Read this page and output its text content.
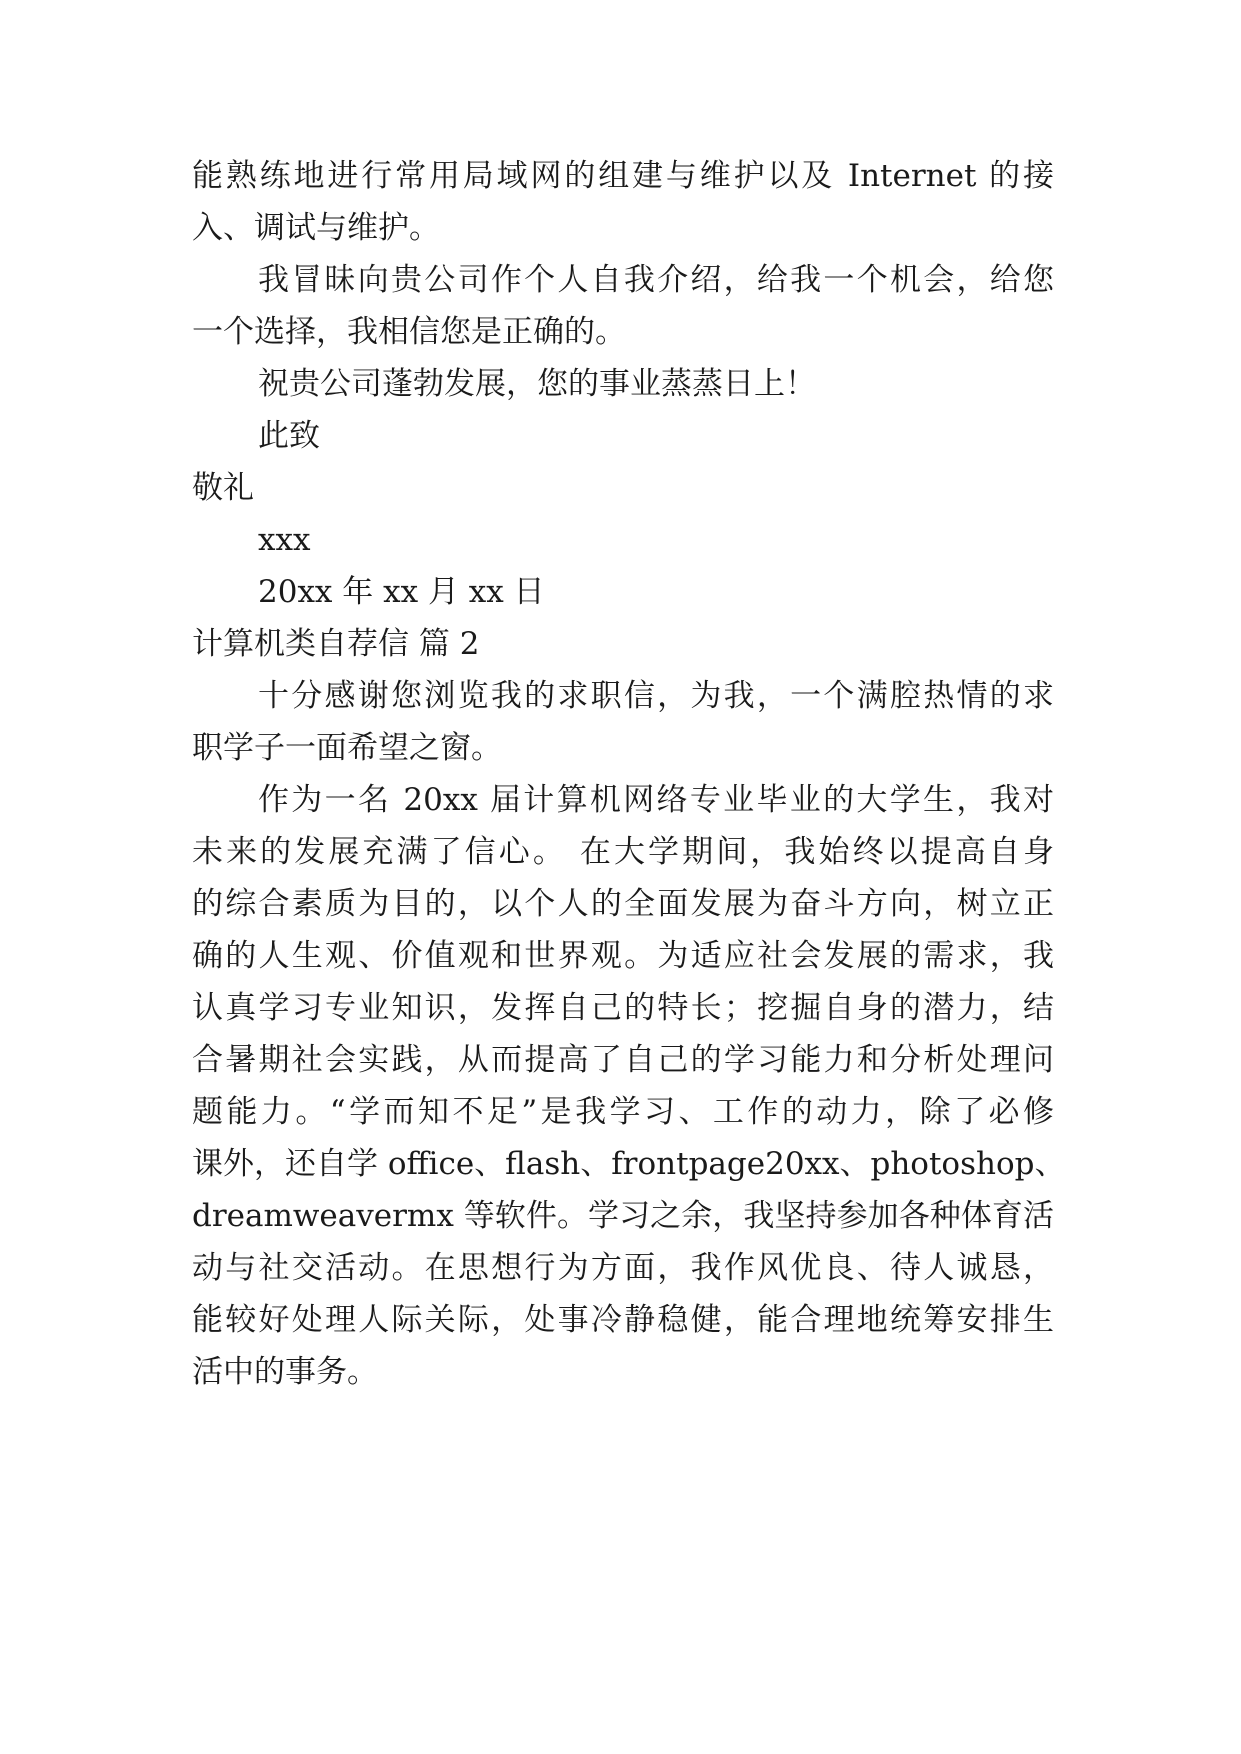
能熟练地进行常用局域网的组建与维护以及 Internet 的接
入、调试与维护。
我冒昧向贵公司作个人自我介绍，给我一个机会，给您
一个选择，我相信您是正确的。
祝贵公司蓬勃发展，您的事业蒸蒸日上！
此致
敬礼
xxx
20xx 年 xx 月 xx 日
计算机类自荐信 篇 2
十分感谢您浏览我的求职信，为我，一个满腔热情的求
职学子一面希望之窗。
作为一名 20xx 届计算机网络专业毕业的大学生，我对
未来的发展充满了信心。 在大学期间，我始终以提高自身
的综合素质为目的，以个人的全面发展为奋斗方向，树立正
确的人生观、价值观和世界观。为适应社会发展的需求，我
认真学习专业知识，发挥自己的特长；挖掘自身的潜力，结
合暑期社会实践，从而提高了自己的学习能力和分析处理问
题能力。“学而知不足”是我学习、工作的动力，除了必修
课外，还自学 office、flash、frontpage20xx、photoshop、
dreamweavermx 等软件。学习之余，我坚持参加各种体育活
动与社交活动。在思想行为方面，我作风优良、待人诚恳，
能较好处理人际关际，处事冷静稳健，能合理地统筹安排生
活中的事务。
